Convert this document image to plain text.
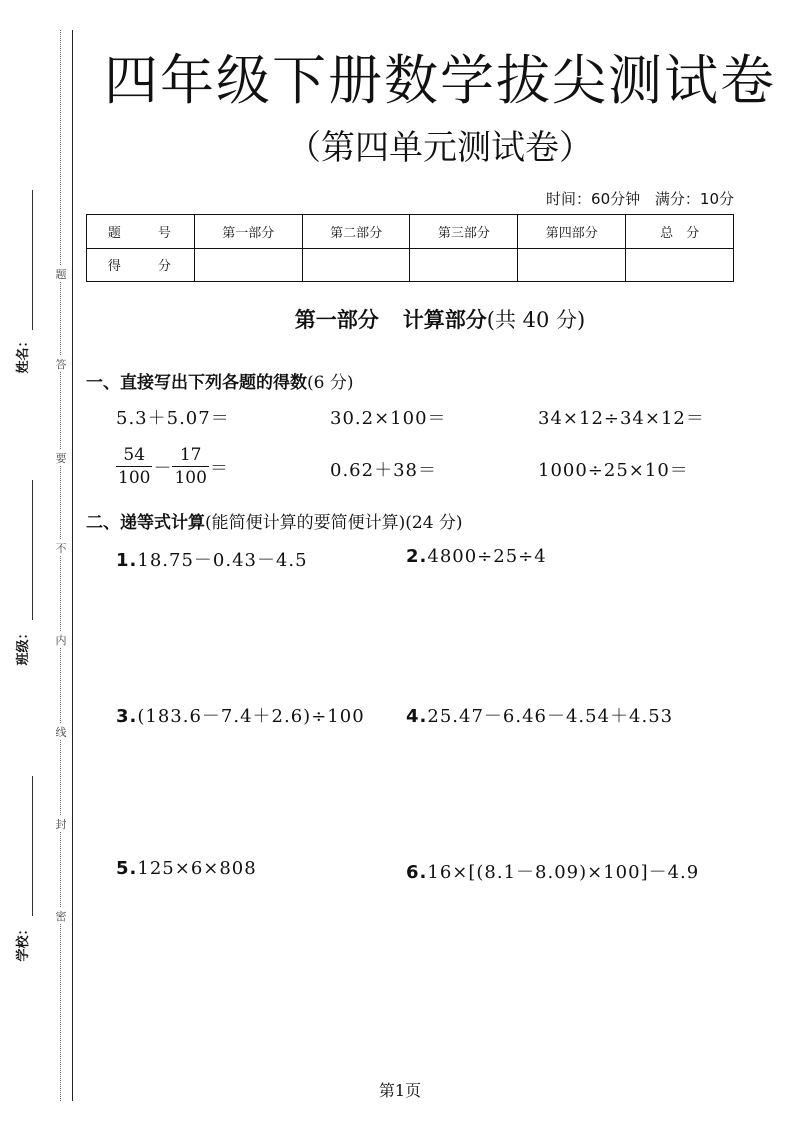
题
答
要
不
内
线
封
密
姓名：
班级：
学校：
四年级下册数学拔尖测试卷
（第四单元测试卷）
时间：60分钟 满分：10分
题　号	第一部分	第二部分	第三部分	第四部分	总　分
得　分					
第一部分 计算部分(共 40 分)
一、直接写出下列各题的得数(6 分)
5.3＋5.07＝	30.2×100＝	34×12÷34×12＝
$\frac{54}{100} - \frac{17}{100}$ ＝	0.62＋38＝	1000÷25×10＝
二、递等式计算(能简便计算的要简便计算)(24 分)
1.18.75－0.43－4.5	2.4800÷25÷4
3.(183.6－7.4＋2.6)÷100 4.25.47－6.46－4.54＋4.53
5.125×6×808	6.16×[(8.1－8.09)×100]－4.9
第1页
